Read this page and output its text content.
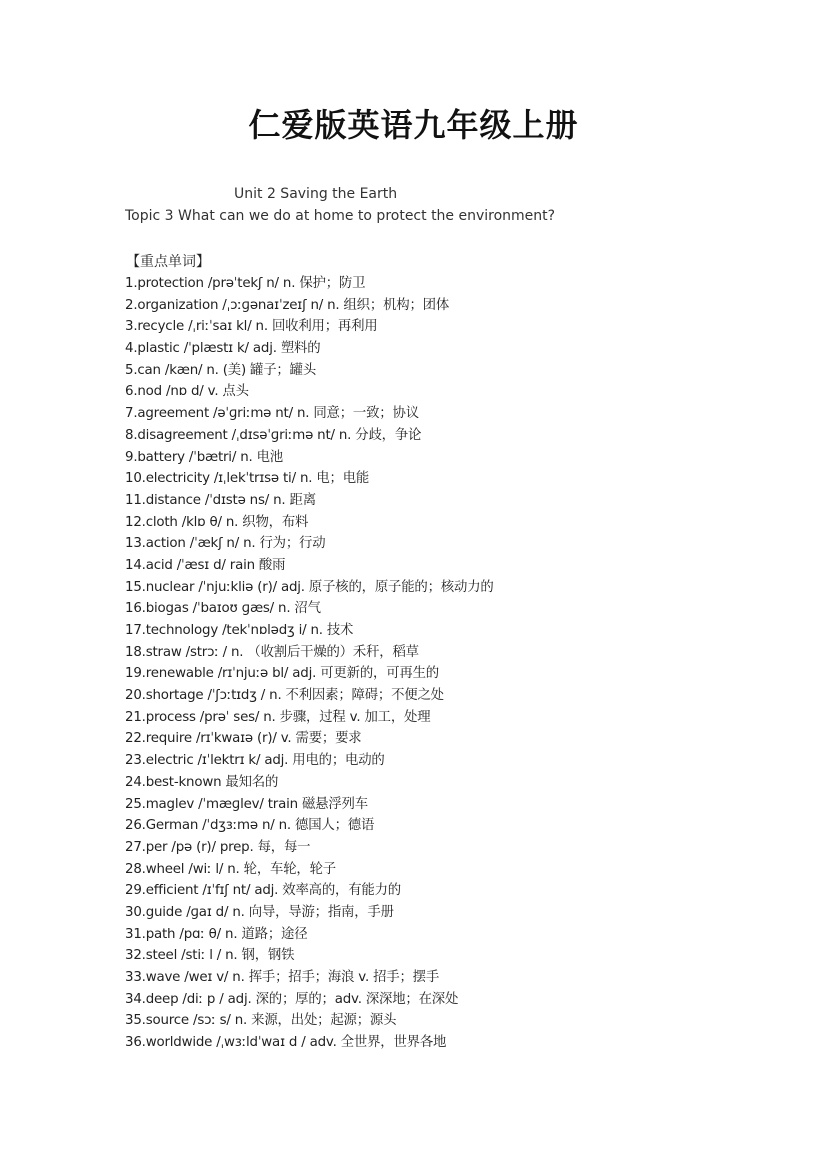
仁爱版英语九年级上册
Unit 2 Saving the Earth
Topic 3 What can we do at home to protect the environment?
【重点单词】
1.protection /prəˈtekʃ n/ n. 保护；防卫
2.organization /ˌɔːɡənaɪˈzeɪʃ n/ n. 组织；机构；团体
3.recycle /ˌriːˈsaɪ kl/ n. 回收利用；再利用
4.plastic /ˈplæstɪ k/ adj. 塑料的
5.can /kæn/ n. (美) 罐子；罐头
6.nod /nɒ d/ v. 点头
7.agreement /əˈɡriːmə nt/ n. 同意；一致；协议
8.disagreement /ˌdɪsəˈɡriːmə nt/ n. 分歧，争论
9.battery /ˈbætri/ n. 电池
10.electricity /ɪˌlekˈtrɪsə ti/ n. 电；电能
11.distance /ˈdɪstə ns/ n. 距离
12.cloth /klɒ θ/ n. 织物，布料
13.action /ˈækʃ n/ n. 行为；行动
14.acid /ˈæsɪ d/ rain 酸雨
15.nuclear /ˈnjuːkliə (r)/ adj. 原子核的，原子能的；核动力的
16.biogas /ˈbaɪoʊ ɡæs/ n. 沼气
17.technology /tekˈnɒlədʒ i/ n. 技术
18.straw /strɔː / n. （收割后干燥的）禾秆，稻草
19.renewable /rɪˈnjuːə bl/ adj. 可更新的，可再生的
20.shortage /ˈʃɔːtɪdʒ / n. 不利因素；障碍；不便之处
21.process /prəˈ ses/ n. 步骤，过程 v. 加工，处理
22.require /rɪˈkwaɪə (r)/ v. 需要；要求
23.electric /ɪˈlektrɪ k/ adj. 用电的；电动的
24.best-known 最知名的
25.maglev /ˈmæɡlev/ train 磁悬浮列车
26.German /ˈdʒɜːmə n/ n. 德国人；德语
27.per /pə (r)/ prep. 每，每一
28.wheel /wiː l/ n. 轮，车轮，轮子
29.efficient /ɪˈfɪʃ nt/ adj. 效率高的，有能力的
30.guide /ɡaɪ d/ n. 向导，导游；指南，手册
31.path /pɑː θ/ n. 道路；途径
32.steel /stiː l / n. 钢，钢铁
33.wave /weɪ v/ n. 挥手；招手；海浪 v. 招手；摆手
34.deep /diː p / adj. 深的；厚的；adv. 深深地；在深处
35.source /sɔː s/ n. 来源，出处；起源；源头
36.worldwide /ˌwɜːldˈwaɪ d / adv. 全世界，世界各地
